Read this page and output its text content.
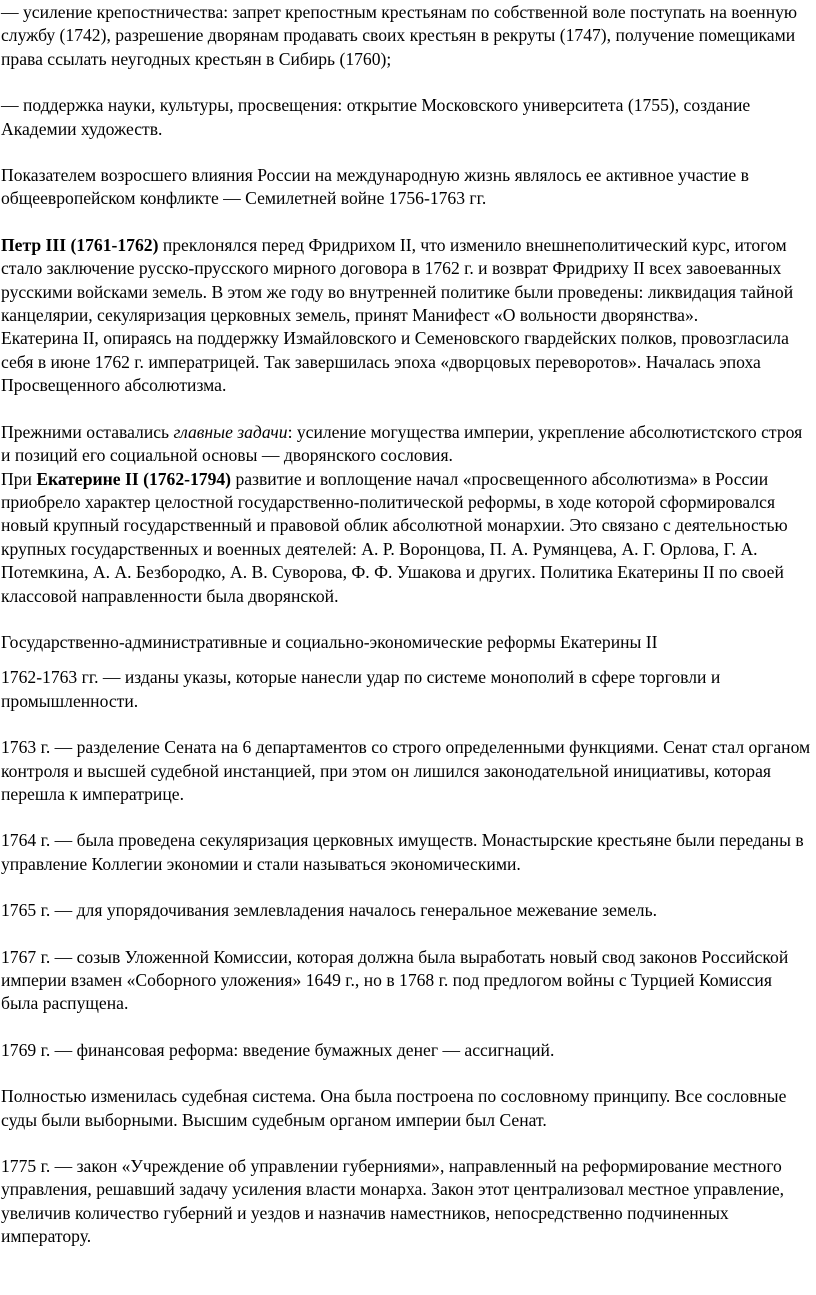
— усиление крепостничества: запрет крепостным крестьянам по собственной воле поступать на военную службу (1742), разрешение дворянам продавать своих крестьян в рекруты (1747), получение помещиками права ссылать неугодных крестьян в Сибирь (1760);

— поддержка науки, культуры, просвещения: открытие Московского университета (1755), создание Академии художеств.

Показателем возросшего влияния России на международную жизнь являлось ее активное участие в общеевропейском конфликте — Семилетней войне 1756-1763 гг.

Петр III (1761-1762) преклонялся перед Фридрихом II, что изменило внешнеполитический курс, итогом стало заключение русско-прусского мирного договора в 1762 г. и возврат Фридриху II всех завоеванных русскими войсками земель. В этом же году во внутренней политике были проведены: ликвидация тайной канцелярии, секуляризация церковных земель, принят Манифест «О вольности дворянства».

Екатерина II, опираясь на поддержку Измайловского и Семеновского гвардейских полков, провозгласила себя в июне 1762 г. императрицей. Так завершилась эпоха «дворцовых переворотов». Началась эпоха Просвещенного абсолютизма.

Прежними оставались главные задачи: усиление могущества империи, укрепление абсолютистского строя и позиций его социальной основы — дворянского сословия.

При Екатерине II (1762-1794) развитие и воплощение начал «просвещенного абсолютизма» в России приобрело характер целостной государственно-политической реформы, в ходе которой сформировался новый крупный государственный и правовой облик абсолютной монархии. Это связано с деятельностью крупных государственных и военных деятелей: А. Р. Воронцова, П. А. Румянцева, А. Г. Орлова, Г. А. Потемкина, А. А. Безбородко, А. В. Суворова, Ф. Ф. Ушакова и других. Политика Екатерины II по своей классовой направленности была дворянской.

Государственно-административные и социально-экономические реформы Екатерины II

1762-1763 гг. — изданы указы, которые нанесли удар по системе монополий в сфере торговли и промышленности.

1763 г. — разделение Сената на 6 департаментов со строго определенными функциями. Сенат стал органом контроля и высшей судебной инстанцией, при этом он лишился законодательной инициативы, которая перешла к императрице.

1764 г. — была проведена секуляризация церковных имуществ. Монастырские крестьяне были переданы в управление Коллегии экономии и стали называться экономическими.

1765 г. — для упорядочивания землевладения началось генеральное межевание земель.

1767 г. — созыв Уложенной Комиссии, которая должна была выработать новый свод законов Российской империи взамен «Соборного уложения» 1649 г., но в 1768 г. под предлогом войны с Турцией Комиссия была распущена.

1769 г. — финансовая реформа: введение бумажных денег — ассигнаций.

Полностью изменилась судебная система. Она была построена по сословному принципу. Все сословные суды были выборными. Высшим судебным органом империи был Сенат.

1775 г. — закон «Учреждение об управлении губерниями», направленный на реформирование местного управления, решавший задачу усиления власти монарха. Закон этот централизовал местное управление, увеличив количество губерний и уездов и назначив наместников, непосредственно подчиненных императору.
